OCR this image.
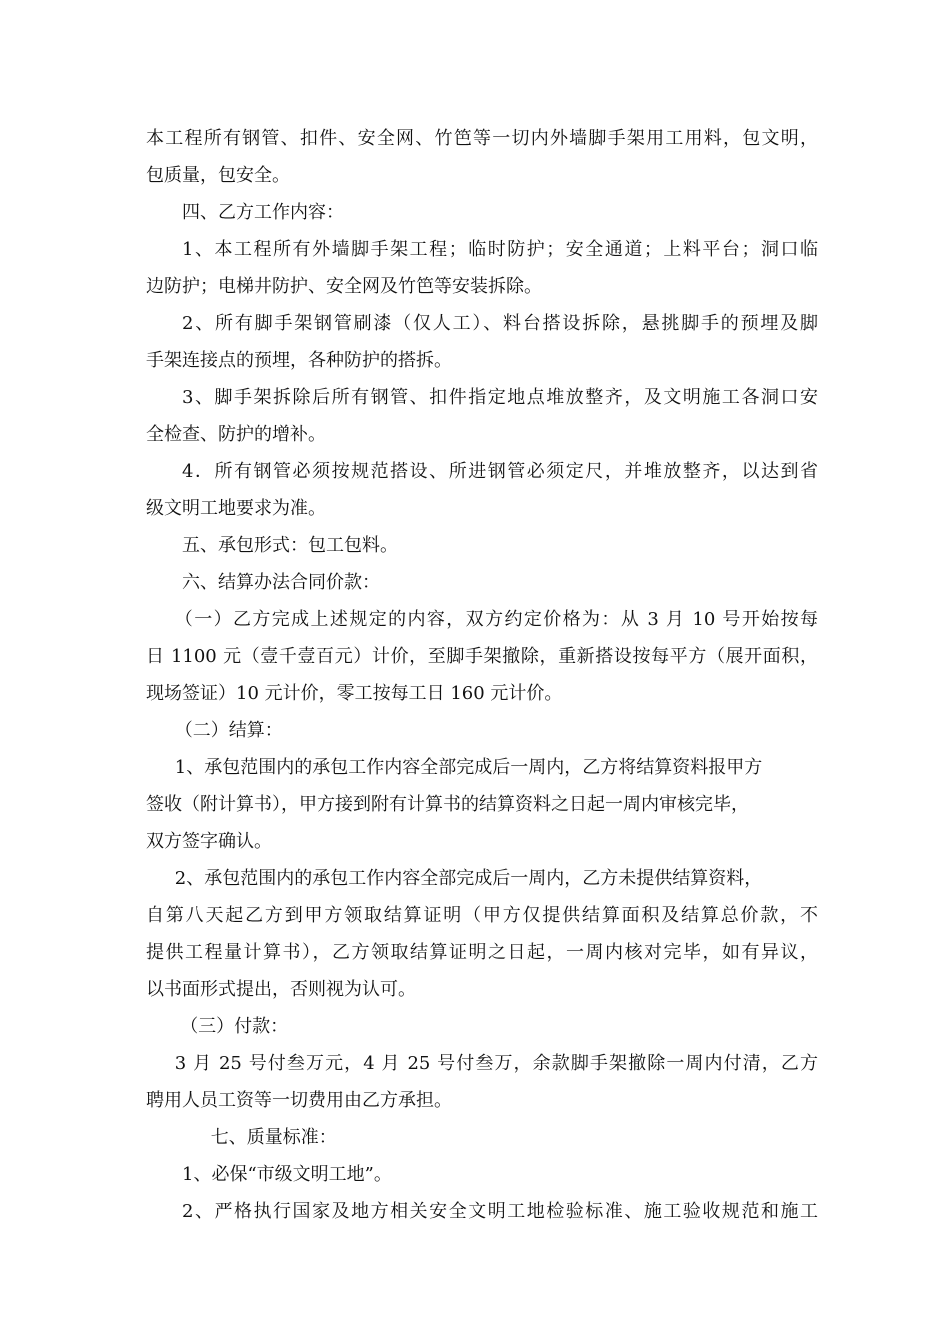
本工程所有钢管、扣件、安全网、竹笆等一切内外墙脚手架用工用料，包文明，
包质量，包安全。
四、乙方工作内容：
1、本工程所有外墙脚手架工程；临时防护；安全通道；上料平台；洞口临
边防护；电梯井防护、安全网及竹笆等安装拆除。
2、所有脚手架钢管刷漆（仅人工）、料台搭设拆除，悬挑脚手的预埋及脚
手架连接点的预埋，各种防护的搭拆。
3、脚手架拆除后所有钢管、扣件指定地点堆放整齐，及文明施工各洞口安
全检查、防护的增补。
4．所有钢管必须按规范搭设、所进钢管必须定尺，并堆放整齐，以达到省
级文明工地要求为准。
五、承包形式：包工包料。
六、结算办法合同价款：
（一）乙方完成上述规定的内容，双方约定价格为：从 3 月 10 号开始按每
日 1100 元（壹千壹百元）计价，至脚手架撤除，重新搭设按每平方（展开面积，
现场签证）10 元计价，零工按每工日 160 元计价。
（二）结算：
1、承包范围内的承包工作内容全部完成后一周内，乙方将结算资料报甲方
签收（附计算书），甲方接到附有计算书的结算资料之日起一周内审核完毕，
双方签字确认。
2、承包范围内的承包工作内容全部完成后一周内，乙方未提供结算资料，
自第八天起乙方到甲方领取结算证明（甲方仅提供结算面积及结算总价款，不
提供工程量计算书），乙方领取结算证明之日起，一周内核对完毕，如有异议，
以书面形式提出，否则视为认可。
（三）付款：
3 月 25 号付叁万元，4 月 25 号付叁万，余款脚手架撤除一周内付清，乙方
聘用人员工资等一切费用由乙方承担。
七、质量标准：
1、必保“市级文明工地”。
2、严格执行国家及地方相关安全文明工地检验标准、施工验收规范和施工
